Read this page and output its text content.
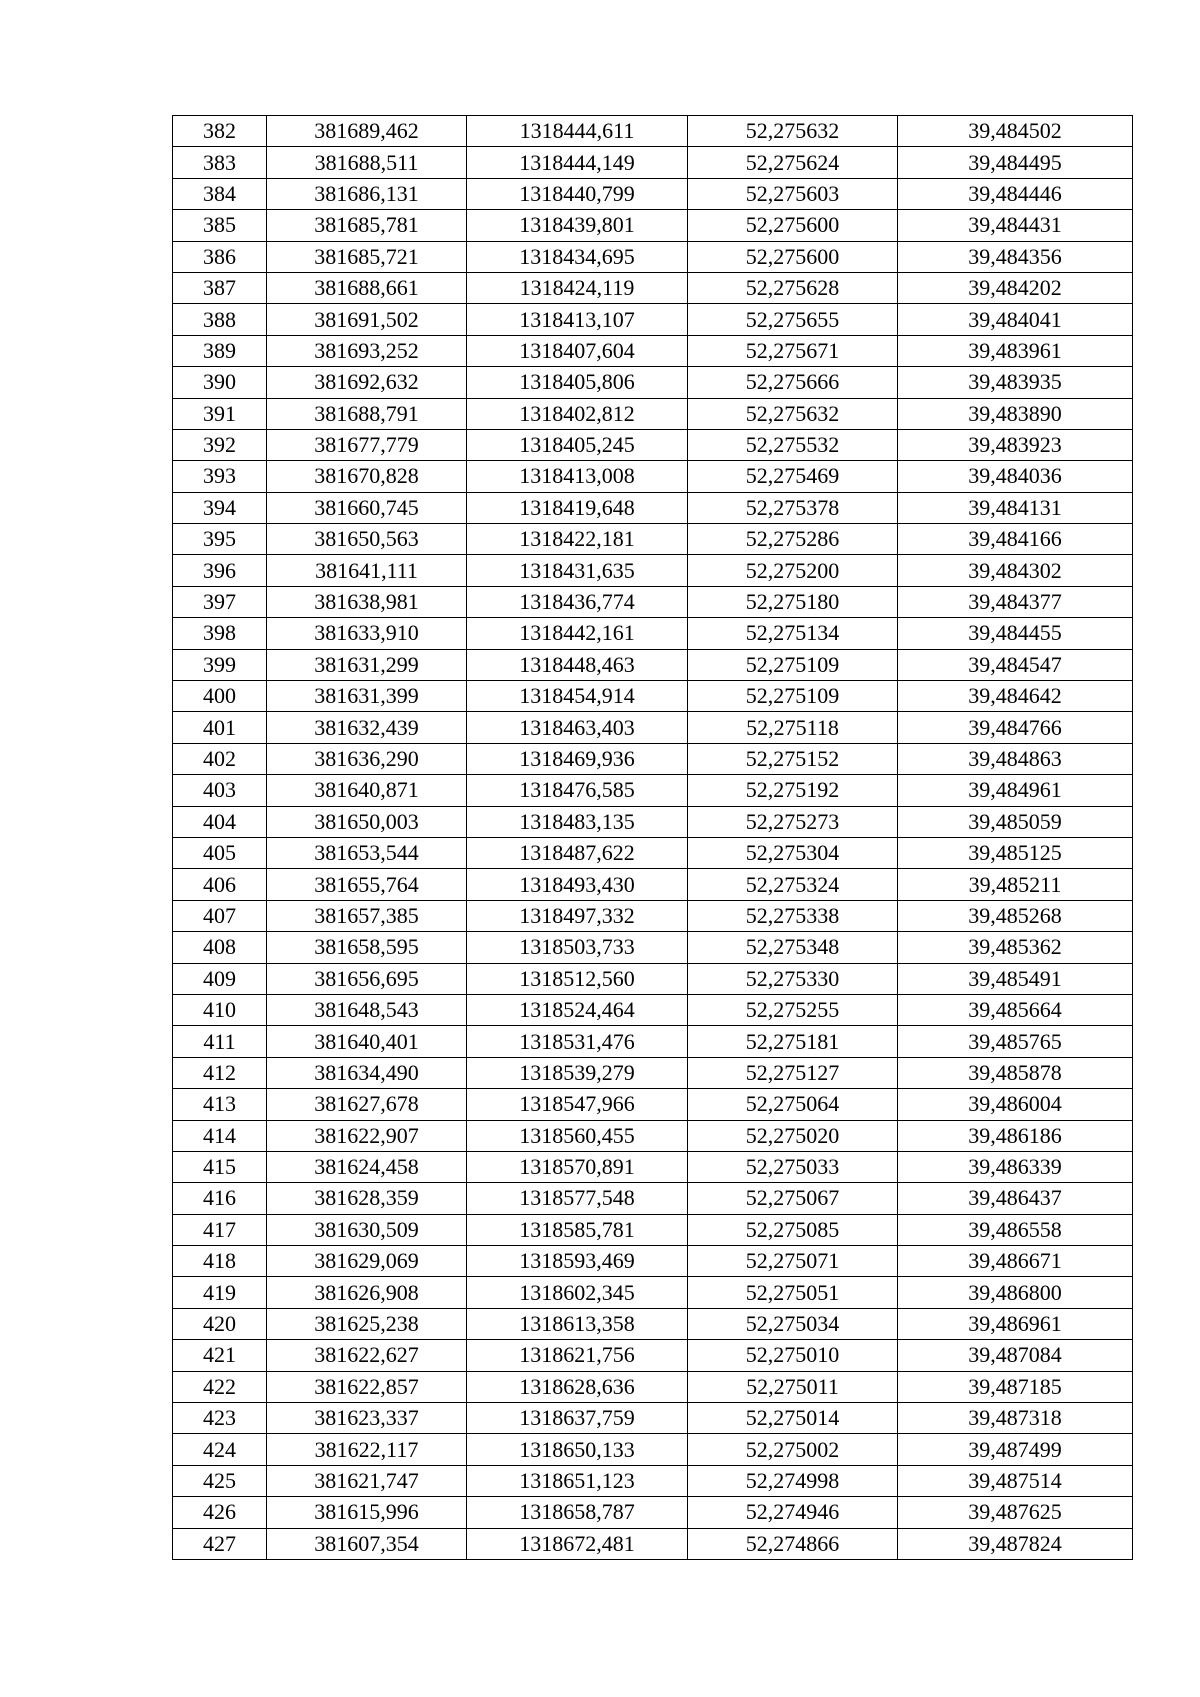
382	381689,462	1318444,611	52,275632	39,484502
383	381688,511	1318444,149	52,275624	39,484495
384	381686,131	1318440,799	52,275603	39,484446
385	381685,781	1318439,801	52,275600	39,484431
386	381685,721	1318434,695	52,275600	39,484356
387	381688,661	1318424,119	52,275628	39,484202
388	381691,502	1318413,107	52,275655	39,484041
389	381693,252	1318407,604	52,275671	39,483961
390	381692,632	1318405,806	52,275666	39,483935
391	381688,791	1318402,812	52,275632	39,483890
392	381677,779	1318405,245	52,275532	39,483923
393	381670,828	1318413,008	52,275469	39,484036
394	381660,745	1318419,648	52,275378	39,484131
395	381650,563	1318422,181	52,275286	39,484166
396	381641,111	1318431,635	52,275200	39,484302
397	381638,981	1318436,774	52,275180	39,484377
398	381633,910	1318442,161	52,275134	39,484455
399	381631,299	1318448,463	52,275109	39,484547
400	381631,399	1318454,914	52,275109	39,484642
401	381632,439	1318463,403	52,275118	39,484766
402	381636,290	1318469,936	52,275152	39,484863
403	381640,871	1318476,585	52,275192	39,484961
404	381650,003	1318483,135	52,275273	39,485059
405	381653,544	1318487,622	52,275304	39,485125
406	381655,764	1318493,430	52,275324	39,485211
407	381657,385	1318497,332	52,275338	39,485268
408	381658,595	1318503,733	52,275348	39,485362
409	381656,695	1318512,560	52,275330	39,485491
410	381648,543	1318524,464	52,275255	39,485664
411	381640,401	1318531,476	52,275181	39,485765
412	381634,490	1318539,279	52,275127	39,485878
413	381627,678	1318547,966	52,275064	39,486004
414	381622,907	1318560,455	52,275020	39,486186
415	381624,458	1318570,891	52,275033	39,486339
416	381628,359	1318577,548	52,275067	39,486437
417	381630,509	1318585,781	52,275085	39,486558
418	381629,069	1318593,469	52,275071	39,486671
419	381626,908	1318602,345	52,275051	39,486800
420	381625,238	1318613,358	52,275034	39,486961
421	381622,627	1318621,756	52,275010	39,487084
422	381622,857	1318628,636	52,275011	39,487185
423	381623,337	1318637,759	52,275014	39,487318
424	381622,117	1318650,133	52,275002	39,487499
425	381621,747	1318651,123	52,274998	39,487514
426	381615,996	1318658,787	52,274946	39,487625
427	381607,354	1318672,481	52,274866	39,487824
